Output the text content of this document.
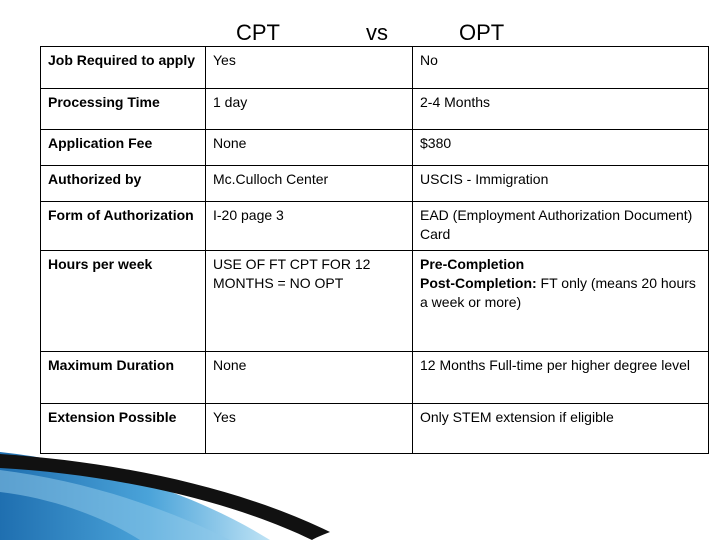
CPT	vs	OPT
Job Required to apply	Yes	No
Processing Time	1 day	2-4 Months
Application Fee	None	$380
Authorized by	Mc.Culloch Center	USCIS - Immigration
Form of Authorization	I-20 page 3	EAD (Employment Authorization Document) Card
Hours per week	USE OF FT CPT FOR 12 MONTHS = NO OPT	Pre-Completion
Post-Completion: FT only (means 20 hours a week or more)

Maximum Duration	None	12 Months Full-time per higher degree level
Extension Possible	Yes	Only STEM extension if eligible
